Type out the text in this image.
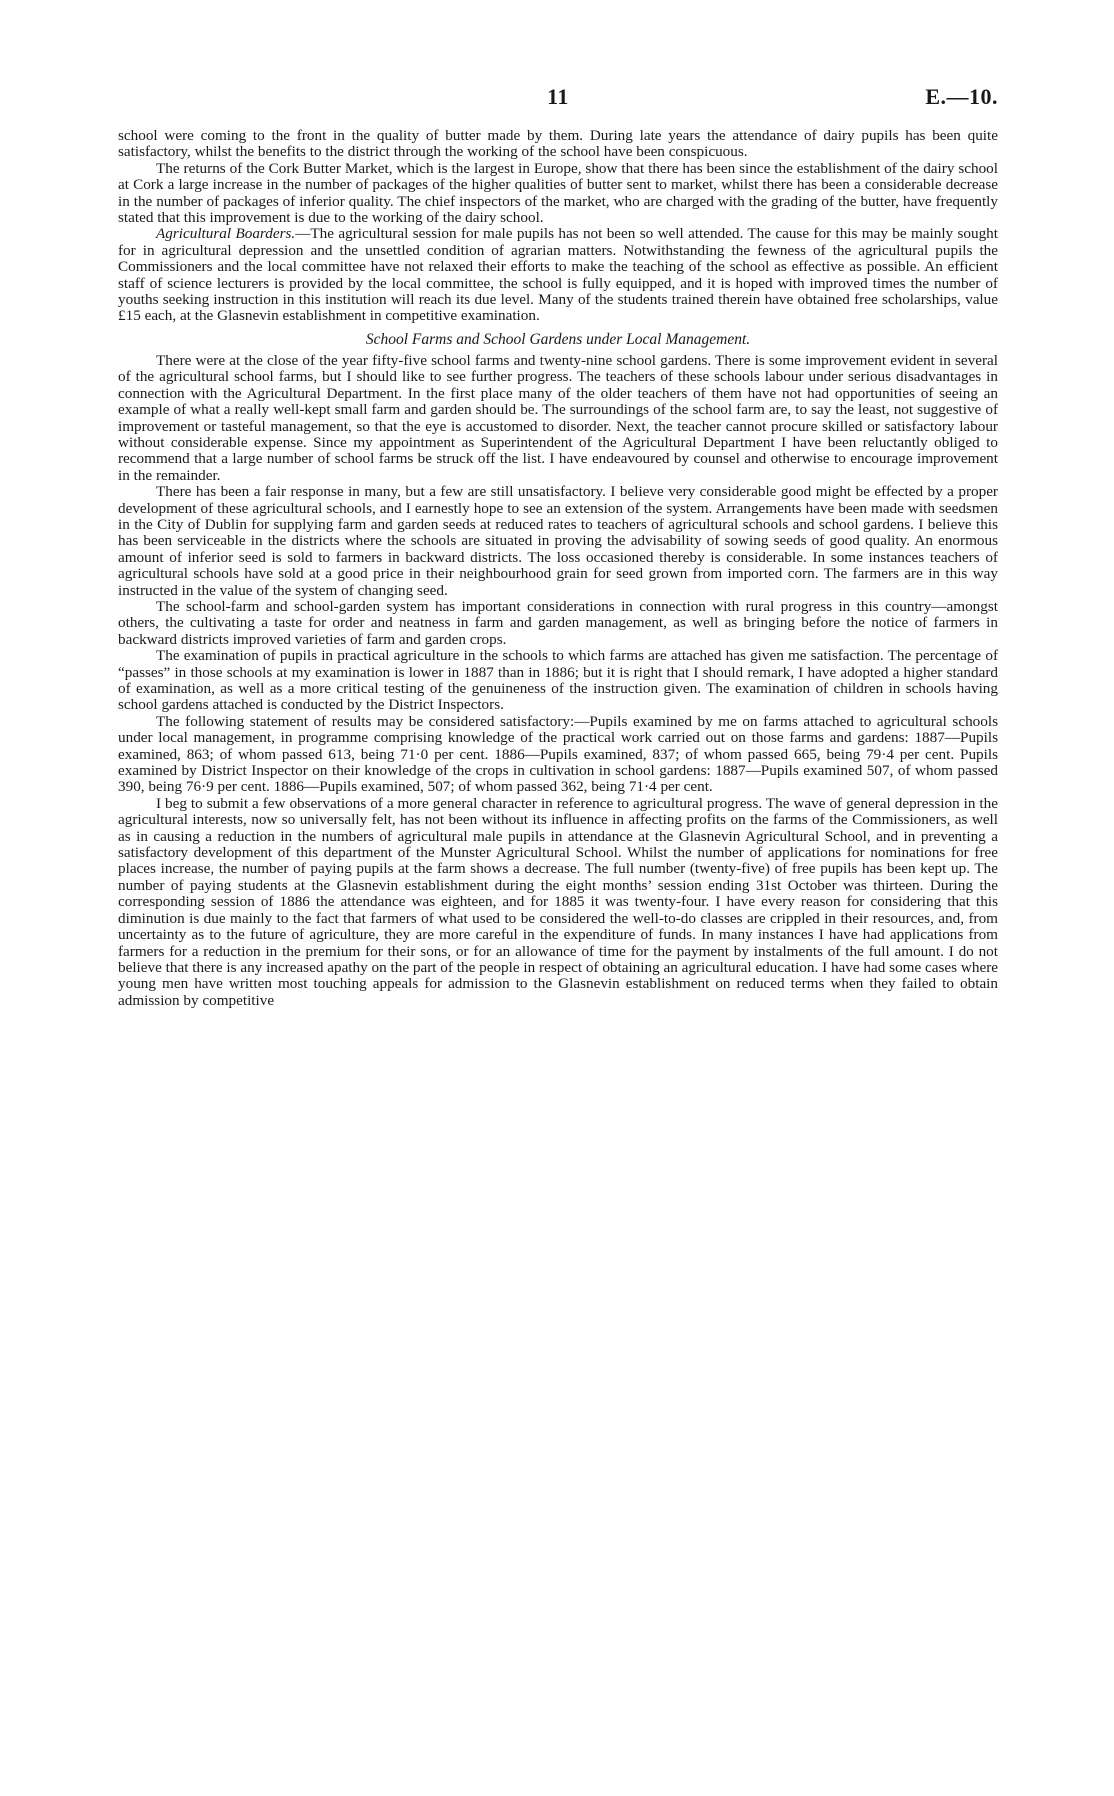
11	E.—10.

school were coming to the front in the quality of butter made by them. During late years the attendance of dairy pupils has been quite satisfactory, whilst the benefits to the district through the working of the school have been conspicuous.

The returns of the Cork Butter Market, which is the largest in Europe, show that there has been since the establishment of the dairy school at Cork a large increase in the number of packages of the higher qualities of butter sent to market, whilst there has been a considerable decrease in the number of packages of inferior quality. The chief inspectors of the market, who are charged with the grading of the butter, have frequently stated that this improvement is due to the working of the dairy school.

Agricultural Boarders.—The agricultural session for male pupils has not been so well attended. The cause for this may be mainly sought for in agricultural depression and the unsettled condition of agrarian matters. Notwithstanding the fewness of the agricultural pupils the Commissioners and the local committee have not relaxed their efforts to make the teaching of the school as effective as possible. An efficient staff of science lecturers is provided by the local committee, the school is fully equipped, and it is hoped with improved times the number of youths seeking instruction in this institution will reach its due level. Many of the students trained therein have obtained free scholarships, value £15 each, at the Glasnevin establishment in competitive examination.

School Farms and School Gardens under Local Management.

There were at the close of the year fifty-five school farms and twenty-nine school gardens. There is some improvement evident in several of the agricultural school farms, but I should like to see further progress. The teachers of these schools labour under serious disadvantages in connection with the Agricultural Department. In the first place many of the older teachers of them have not had opportunities of seeing an example of what a really well-kept small farm and garden should be. The surroundings of the school farm are, to say the least, not suggestive of improvement or tasteful management, so that the eye is accustomed to disorder. Next, the teacher cannot procure skilled or satisfactory labour without considerable expense. Since my appointment as Superintendent of the Agricultural Department I have been reluctantly obliged to recommend that a large number of school farms be struck off the list. I have endeavoured by counsel and otherwise to encourage improvement in the remainder.

There has been a fair response in many, but a few are still unsatisfactory. I believe very considerable good might be effected by a proper development of these agricultural schools, and I earnestly hope to see an extension of the system. Arrangements have been made with seedsmen in the City of Dublin for supplying farm and garden seeds at reduced rates to teachers of agricultural schools and school gardens. I believe this has been serviceable in the districts where the schools are situated in proving the advisability of sowing seeds of good quality. An enormous amount of inferior seed is sold to farmers in backward districts. The loss occasioned thereby is considerable. In some instances teachers of agricultural schools have sold at a good price in their neighbourhood grain for seed grown from imported corn. The farmers are in this way instructed in the value of the system of changing seed.

The school-farm and school-garden system has important considerations in connection with rural progress in this country—amongst others, the cultivating a taste for order and neatness in farm and garden management, as well as bringing before the notice of farmers in backward districts improved varieties of farm and garden crops.

The examination of pupils in practical agriculture in the schools to which farms are attached has given me satisfaction. The percentage of “passes” in those schools at my examination is lower in 1887 than in 1886; but it is right that I should remark, I have adopted a higher standard of examination, as well as a more critical testing of the genuineness of the instruction given. The examination of children in schools having school gardens attached is conducted by the District Inspectors.

The following statement of results may be considered satisfactory:—Pupils examined by me on farms attached to agricultural schools under local management, in programme comprising knowledge of the practical work carried out on those farms and gardens: 1887—Pupils examined, 863; of whom passed 613, being 71·0 per cent. 1886—Pupils examined, 837; of whom passed 665, being 79·4 per cent. Pupils examined by District Inspector on their knowledge of the crops in cultivation in school gardens: 1887—Pupils examined 507, of whom passed 390, being 76·9 per cent. 1886—Pupils examined, 507; of whom passed 362, being 71·4 per cent.

I beg to submit a few observations of a more general character in reference to agricultural progress. The wave of general depression in the agricultural interests, now so universally felt, has not been without its influence in affecting profits on the farms of the Commissioners, as well as in causing a reduction in the numbers of agricultural male pupils in attendance at the Glasnevin Agricultural School, and in preventing a satisfactory development of this department of the Munster Agricultural School. Whilst the number of applications for nominations for free places increase, the number of paying pupils at the farm shows a decrease. The full number (twenty-five) of free pupils has been kept up. The number of paying students at the Glasnevin establishment during the eight months’ session ending 31st October was thirteen. During the corresponding session of 1886 the attendance was eighteen, and for 1885 it was twenty-four. I have every reason for considering that this diminution is due mainly to the fact that farmers of what used to be considered the well-to-do classes are crippled in their resources, and, from uncertainty as to the future of agriculture, they are more careful in the expenditure of funds. In many instances I have had applications from farmers for a reduction in the premium for their sons, or for an allowance of time for the payment by instalments of the full amount. I do not believe that there is any increased apathy on the part of the people in respect of obtaining an agricultural education. I have had some cases where young men have written most touching appeals for admission to the Glasnevin establishment on reduced terms when they failed to obtain admission by competitive
